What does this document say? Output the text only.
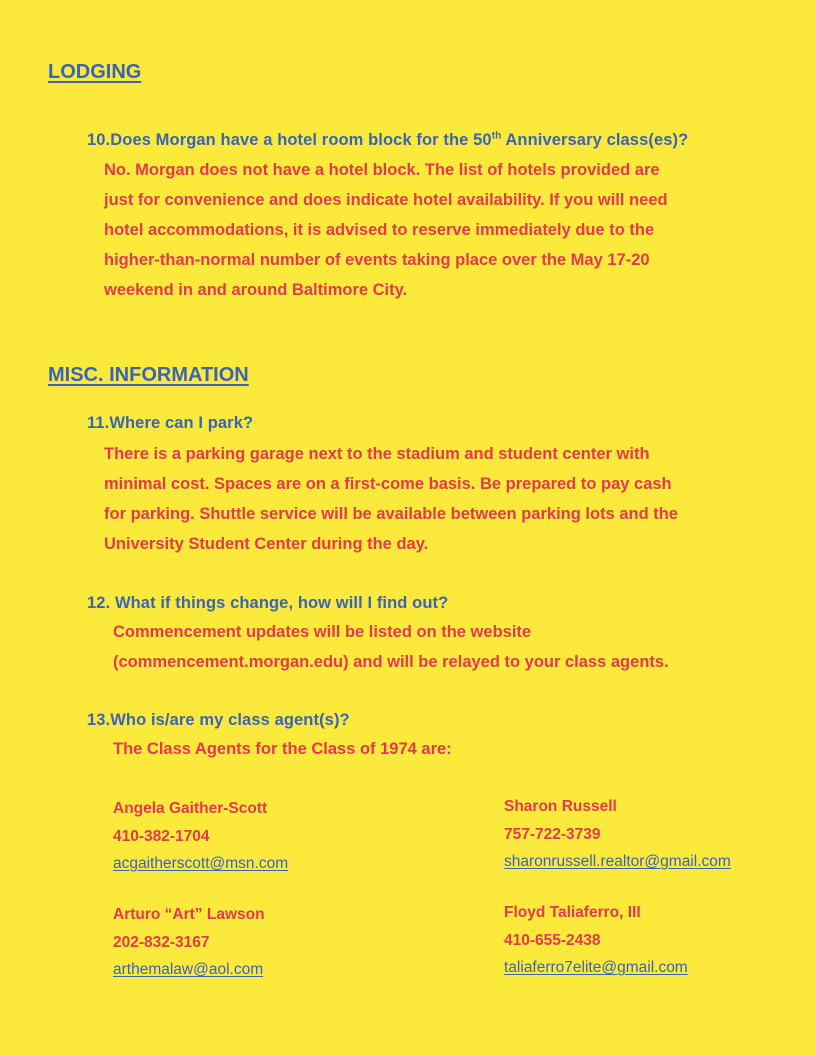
LODGING
10.Does Morgan have a hotel room block for the 50th Anniversary class(es)?
No. Morgan does not have a hotel block. The list of hotels provided are
just for convenience and does indicate hotel availability. If you will need
hotel accommodations, it is advised to reserve immediately due to the
higher-than-normal number of events taking place over the May 17-20
weekend in and around Baltimore City.
MISC. INFORMATION
11.Where can I park?
There is a parking garage next to the stadium and student center with
minimal cost. Spaces are on a first-come basis. Be prepared to pay cash
for parking. Shuttle service will be available between parking lots and the
University Student Center during the day.
12. What if things change, how will I find out?
Commencement updates will be listed on the website
(commencement.morgan.edu) and will be relayed to your class agents.
13.Who is/are my class agent(s)?
The Class Agents for the Class of 1974 are:
Angela Gaither-Scott
410-382-1704
acgaitherscott@msn.com
Sharon Russell
757-722-3739
sharonrussell.realtor@gmail.com
Arturo “Art” Lawson
202-832-3167
arthemalaw@aol.com
Floyd Taliaferro, III
410-655-2438
taliaferro7elite@gmail.com
